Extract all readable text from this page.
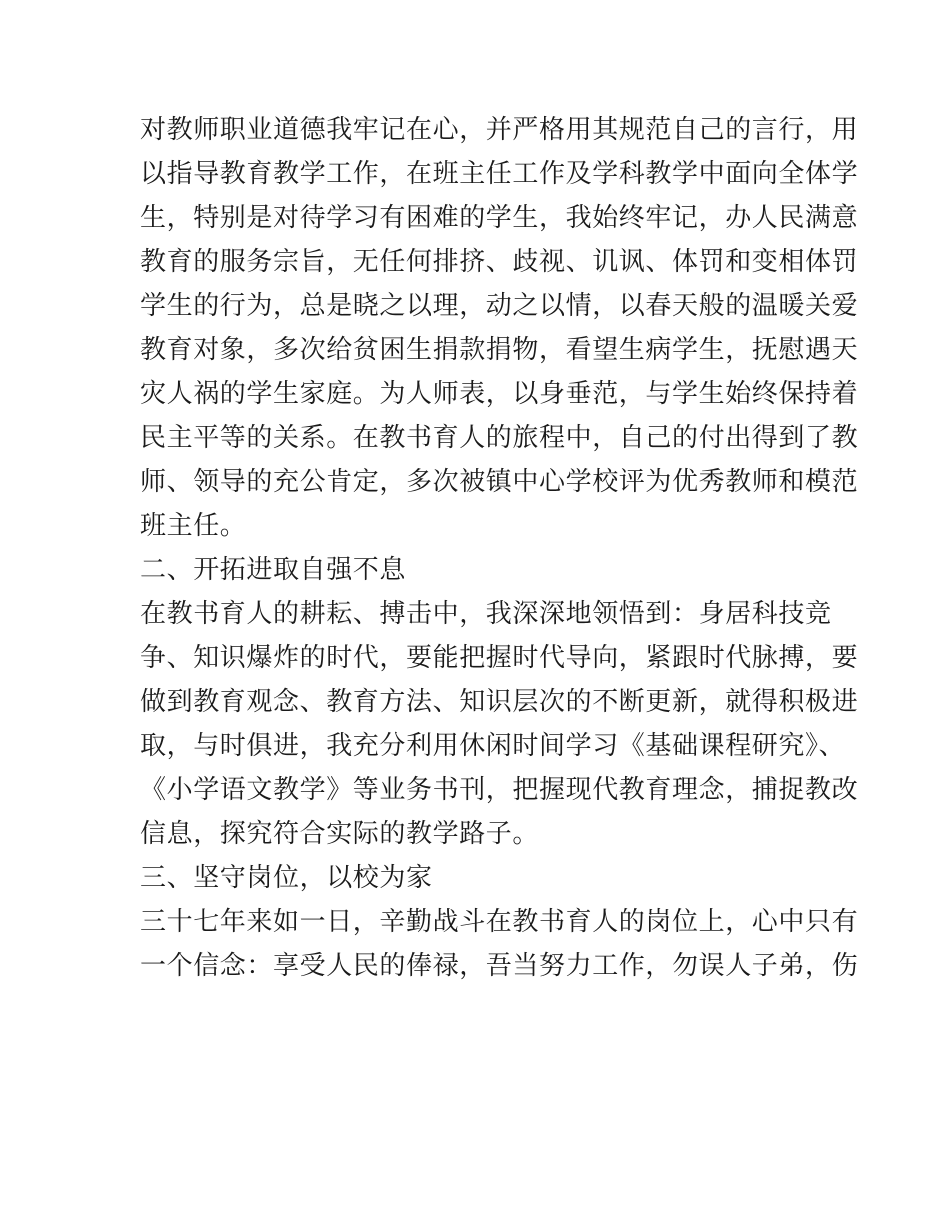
对教师职业道德我牢记在心，并严格用其规范自己的言行，用

以指导教育教学工作，在班主任工作及学科教学中面向全体学

生，特别是对待学习有困难的学生，我始终牢记，办人民满意

教育的服务宗旨，无任何排挤、歧视、讥讽、体罚和变相体罚

学生的行为，总是晓之以理，动之以情，以春天般的温暖关爱

教育对象，多次给贫困生捐款捐物，看望生病学生，抚慰遇天

灾人祸的学生家庭。为人师表，以身垂范，与学生始终保持着

民主平等的关系。在教书育人的旅程中，自己的付出得到了教

师、领导的充公肯定，多次被镇中心学校评为优秀教师和模范

班主任。

二、开拓进取自强不息

在教书育人的耕耘、搏击中，我深深地领悟到：身居科技竞

争、知识爆炸的时代，要能把握时代导向，紧跟时代脉搏，要

做到教育观念、教育方法、知识层次的不断更新，就得积极进

取，与时俱进，我充分利用休闲时间学习《基础课程研究》、

《小学语文教学》等业务书刊，把握现代教育理念，捕捉教改

信息，探究符合实际的教学路子。

三、坚守岗位，以校为家

三十七年来如一日，辛勤战斗在教书育人的岗位上，心中只有

一个信念：享受人民的俸禄，吾当努力工作，勿误人子弟，伤
